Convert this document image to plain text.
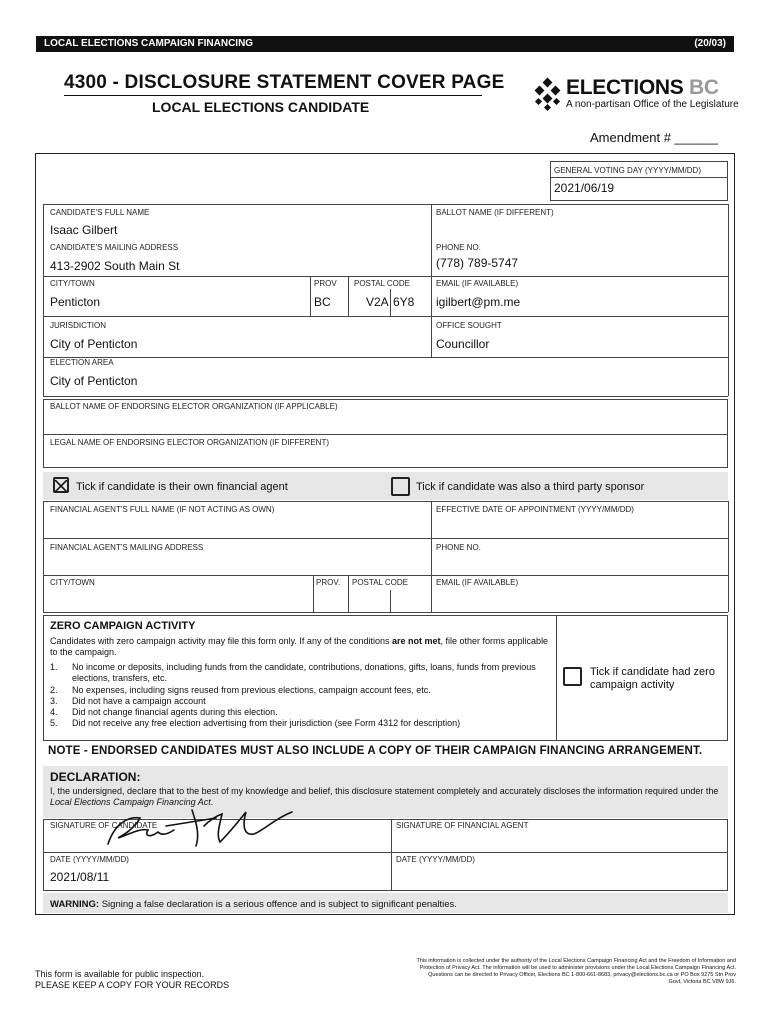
LOCAL ELECTIONS CAMPAIGN FINANCING	(20/03)
4300 - DISCLOSURE STATEMENT COVER PAGE
LOCAL ELECTIONS CANDIDATE
ELECTIONS BC
A non-partisan Office of the Legislature
Amendment # ______
GENERAL VOTING DAY (YYYY/MM/DD)
2021/06/19
CANDIDATE'S FULL NAME
Isaac Gilbert
BALLOT NAME (IF DIFFERENT)
CANDIDATE'S MAILING ADDRESS
413-2902 South Main St
PHONE NO.
(778) 789-5747
CITY/TOWN
Penticton
PROV
BC
POSTAL CODE
V2A 6Y8
EMAIL (IF AVAILABLE)
igilbert@pm.me
JURISDICTION
City of Penticton
OFFICE SOUGHT
Councillor
ELECTION AREA
City of Penticton
BALLOT NAME OF ENDORSING ELECTOR ORGANIZATION (IF APPLICABLE)
LEGAL NAME OF ENDORSING ELECTOR ORGANIZATION (IF DIFFERENT)
Tick if candidate is their own financial agent	Tick if candidate was also a third party sponsor
FINANCIAL AGENT'S FULL NAME (IF NOT ACTING AS OWN)	EFFECTIVE DATE OF APPOINTMENT (YYYY/MM/DD)
FINANCIAL AGENT'S MAILING ADDRESS	PHONE NO.
CITY/TOWN	PROV. POSTAL CODE	EMAIL (IF AVAILABLE)
ZERO CAMPAIGN ACTIVITY
Candidates with zero campaign activity may file this form only. If any of the conditions are not met, file other forms applicable to the campaign.
1. No income or deposits, including funds from the candidate, contributions, donations, gifts, loans, funds from previous elections, transfers, etc.
2. No expenses, including signs reused from previous elections, campaign account fees, etc.
3. Did not have a campaign account
4. Did not change financial agents during this election.
5. Did not receive any free election advertising from their jurisdiction (see Form 4312 for description)
Tick if candidate had zero campaign activity
NOTE - ENDORSED CANDIDATES MUST ALSO INCLUDE A COPY OF THEIR CAMPAIGN FINANCING ARRANGEMENT.
DECLARATION:
I, the undersigned, declare that to the best of my knowledge and belief, this disclosure statement completely and accurately discloses the information required under the Local Elections Campaign Financing Act.
SIGNATURE OF CANDIDATE	SIGNATURE OF FINANCIAL AGENT
DATE (YYYY/MM/DD)
2021/08/11
DATE (YYYY/MM/DD)
WARNING: Signing a false declaration is a serious offence and is subject to significant penalties.
This form is available for public inspection.
PLEASE KEEP A COPY FOR YOUR RECORDS
This information is collected under the authority of the Local Elections Campaign Financing Act and the Freedom of Information and Protection of Privacy Act. The information will be used to administer provisions under the Local Elections Campaign Financing Act. Questions can be directed to Privacy Officer, Elections BC 1-800-661-8683, privacy@elections.bc.ca or PO Box 9275 Stn Prov Govt, Victoria BC V8W 9J6.
